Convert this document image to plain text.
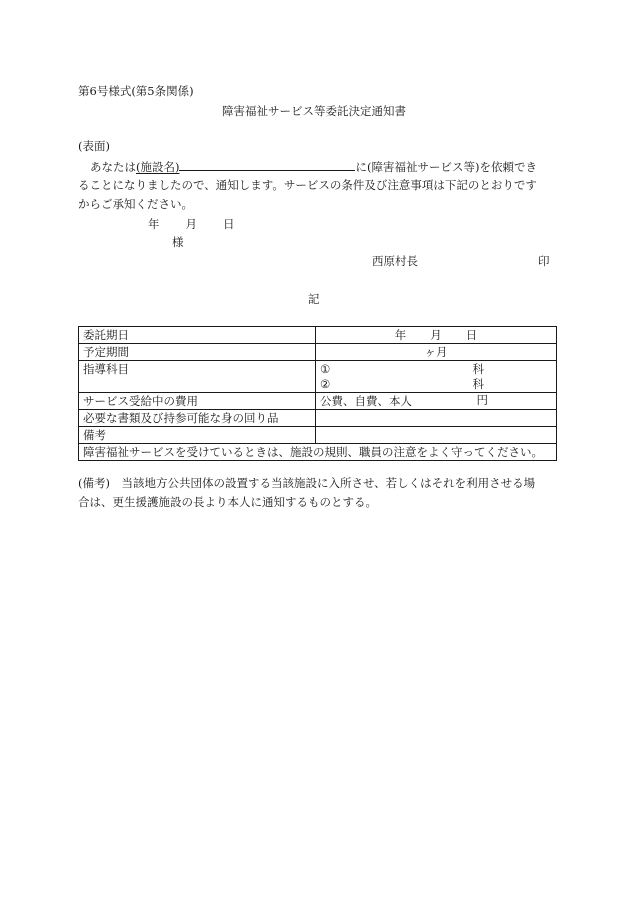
第6号様式(第5条関係)
障害福祉サービス等委託決定通知書
(表面)
あなたは(施設名)	に(障害福祉サービス等)を依頼でき
ることになりましたので、通知します。サービスの条件及び注意事項は下記のとおりです
からご承知ください。
年 月 日
様
西原村長	印
記
委託期日	年 月 日
予定期間	ヶ月
指導科目	① 科
② 科

サービス受給中の費用	公費、自費、本人 円

必要な書類及び持参可能な身の回り品	
備考	
障害福祉サービスを受けているときは、施設の規則、職員の注意をよく守ってください。	
(備考)　当該地方公共団体の設置する当該施設に入所させ、若しくはそれを利用させる場
合は、更生援護施設の長より本人に通知するものとする。
